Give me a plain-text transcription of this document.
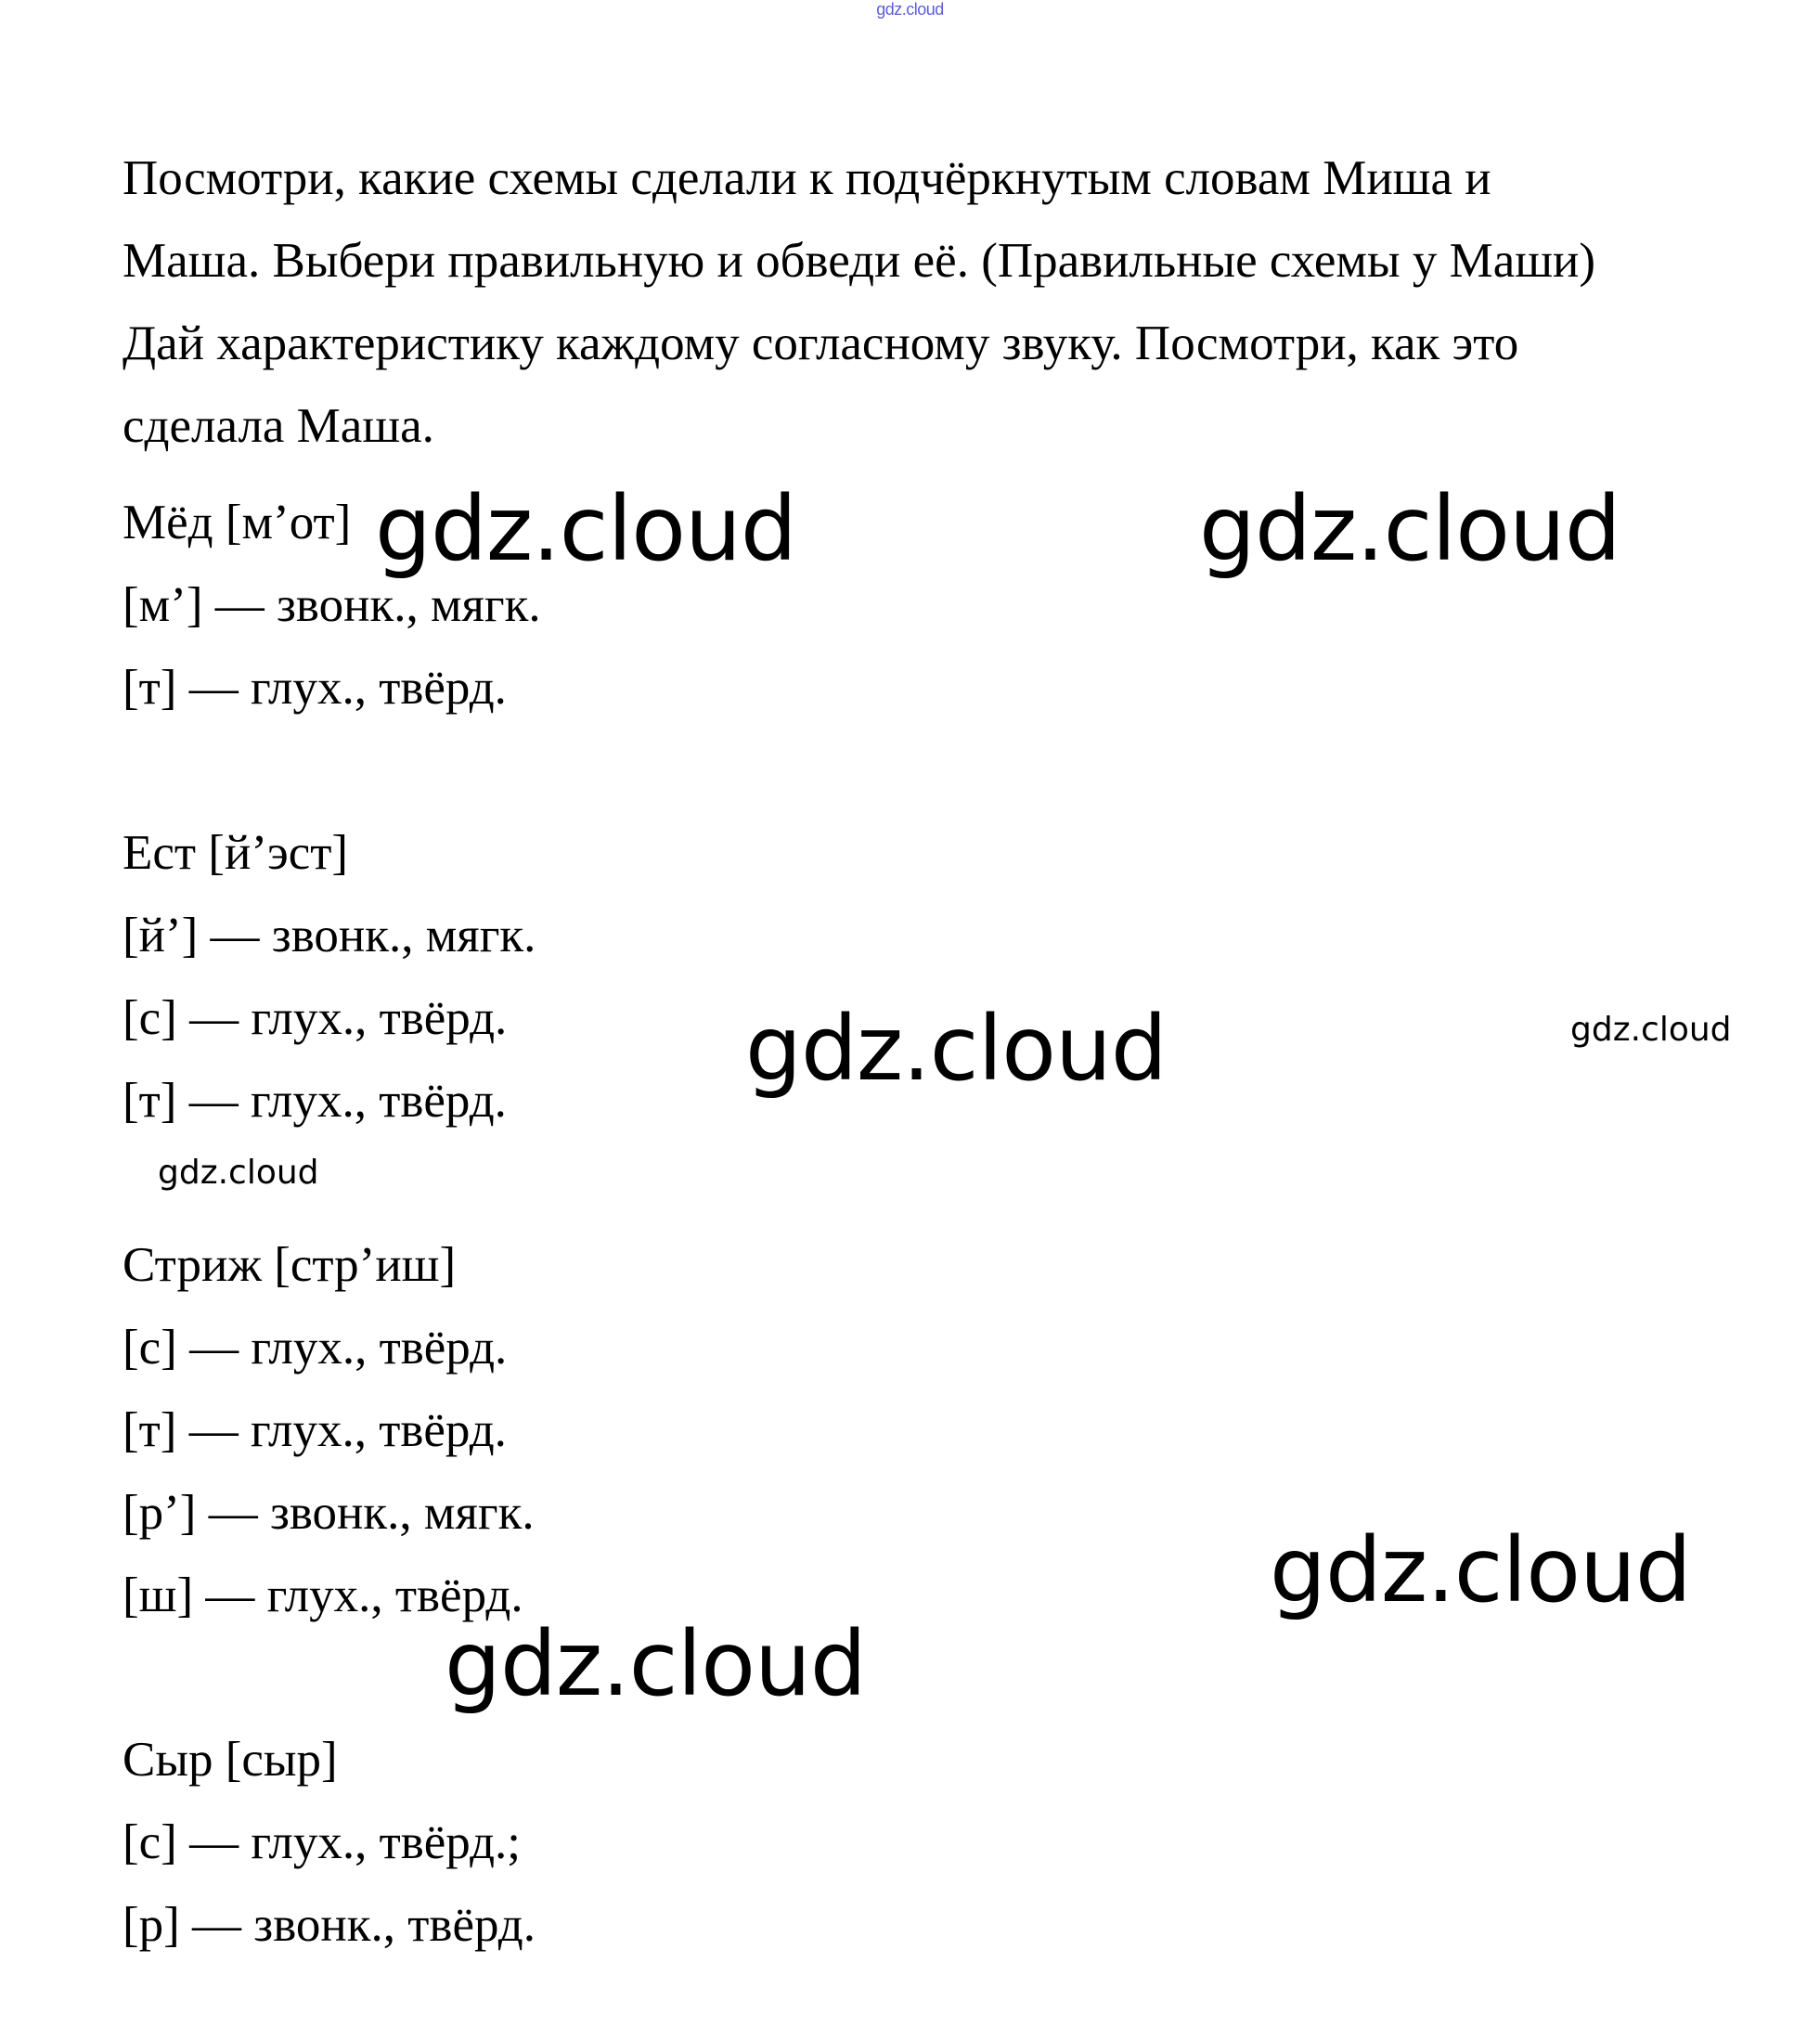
gdz.cloud

Посмотри, какие схемы сделали к подчёркнутым словам Миша и

Маша. Выбери правильную и обведи её. (Правильные схемы у Маши)

Дай характеристику каждому согласному звуку. Посмотри, как это

сделала Маша.

Мёд [м’от]
[м’] — звонк., мягк.
[т] — глух., твёрд.
Ест [й’эст]
[й’] — звонк., мягк.
[с] — глух., твёрд.
[т] — глух., твёрд.
Стриж [стр’иш]
[с] — глух., твёрд.
[т] — глух., твёрд.
[р’] — звонк., мягк.
[ш] — глух., твёрд.
Сыр [сыр]
[с] — глух., твёрд.;
[р] — звонк., твёрд.
gdz.cloud	gdz.cloud
gdz.cloud	gdz.cloud
gdz.cloud
gdz.cloud
gdz.cloud
